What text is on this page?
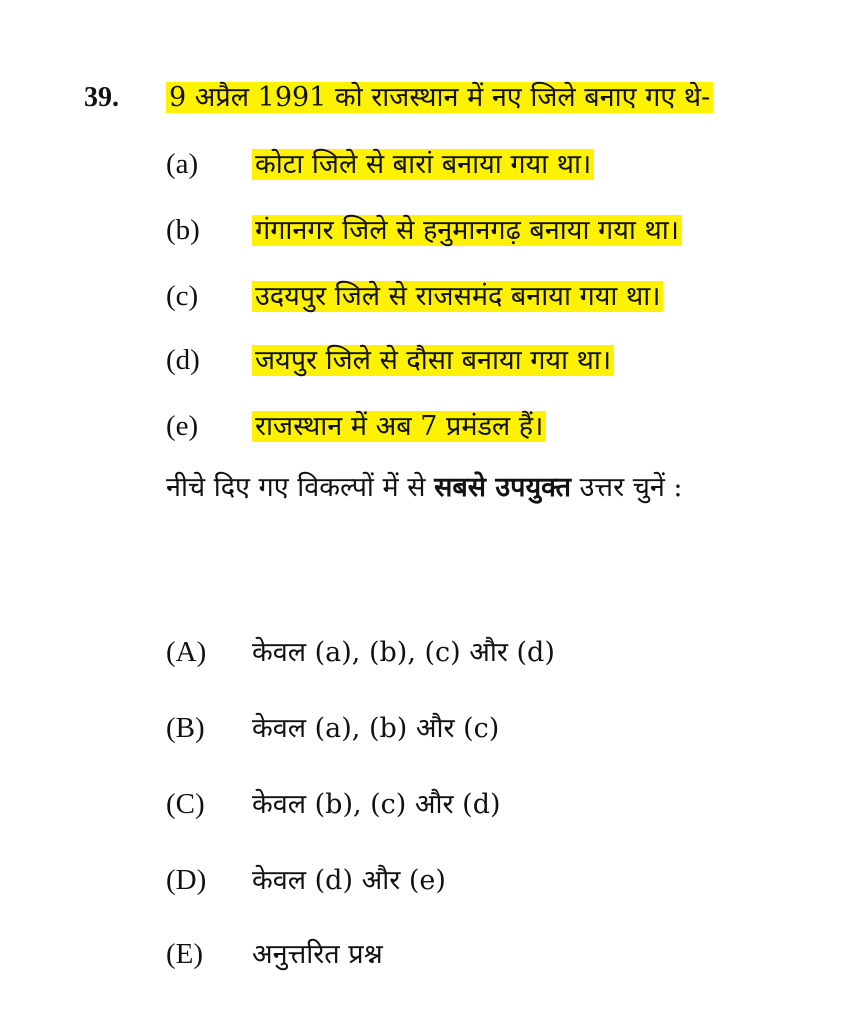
39. 9 अप्रैल 1991 को राजस्थान में नए जिले बनाए गए थे-
(a) कोटा जिले से बारां बनाया गया था।
(b) गंगानगर जिले से हनुमानगढ़ बनाया गया था।
(c) उदयपुर जिले से राजसमंद बनाया गया था।
(d) जयपुर जिले से दौसा बनाया गया था।
(e) राजस्थान में अब 7 प्रमंडल हैं।
नीचे दिए गए विकल्पों में से सबसे उपयुक्त उत्तर चुनें :
(A) केवल (a), (b), (c) और (d)
(B) केवल (a), (b) और (c)
(C) केवल (b), (c) और (d)
(D) केवल (d) और (e)
(E) अनुत्तरित प्रश्न
